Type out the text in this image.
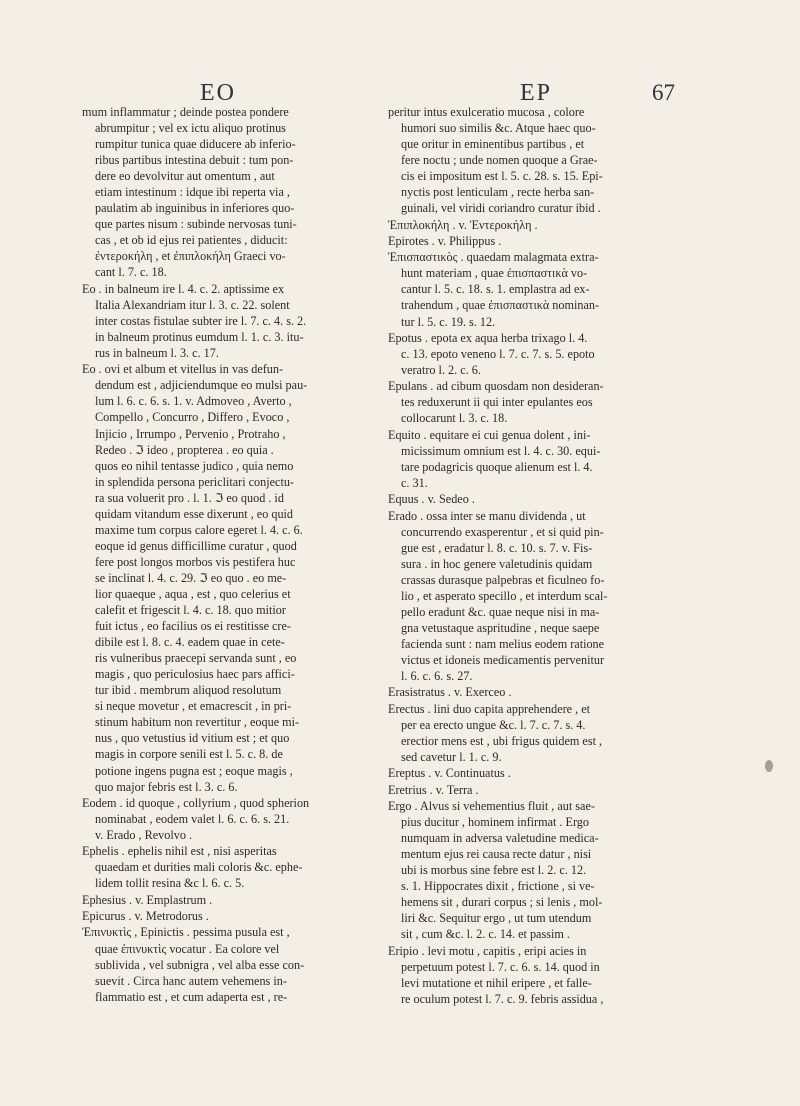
EO	EP	67
mum inflammatur ; deinde postea pondere
abrumpitur ; vel ex ictu aliquo protinus
rumpitur tunica quae diducere ab inferio-
ribus partibus intestina debuit : tum pon-
dere eo devolvitur aut omentum , aut
etiam intestinum : idque ibi reperta via ,
paulatim ab inguinibus in inferiores quo-
que partes nisum : subinde nervosas tuni-
cas , et ob id ejus rei patientes , diducit:
ἐντεροκήλη , et ἐπιπλοκήλη Graeci vo-
cant l. 7. c. 18.
Eo . in balneum ire l. 4. c. 2. aptissime ex
Italia Alexandriam itur l. 3. c. 22. solent
inter costas fistulae subter ire l. 7. c. 4. s. 2.
in balneum protinus eumdum l. 1. c. 3. itu-
rus in balneum l. 3. c. 17.
Eo . ovi et album et vitellus in vas defun-
dendum est , adjiciendumque eo mulsi pau-
lum l. 6. c. 6. s. 1. v. Admoveo , Averto ,
Compello , Concurro , Differo , Evoco ,
Injicio , Irrumpo , Pervenio , Protraho ,
Redeo . ℑ ideo , propterea . eo quia .
quos eo nihil tentasse judico , quia nemo
in splendida persona periclitari conjectu-
ra sua voluerit pro . l. 1. ℑ eo quod . id
quidam vitandum esse dixerunt , eo quid
maxime tum corpus calore egeret l. 4. c. 6.
eoque id genus difficillime curatur , quod
fere post longos morbos vis pestifera huc
se inclinat l. 4. c. 29. ℑ eo quo . eo me-
lior quaeque , aqua , est , quo celerius et
calefit et frigescit l. 4. c. 18. quo mitior
fuit ictus , eo facilius os ei restitisse cre-
dibile est l. 8. c. 4. eadem quae in cete-
ris vulneribus praecepi servanda sunt , eo
magis , quo periculosius haec pars affici-
tur ibid . membrum aliquod resolutum
si neque movetur , et emacrescit , in pri-
stinum habitum non revertitur , eoque mi-
nus , quo vetustius id vitium est ; et quo
magis in corpore senili est l. 5. c. 8. de
potione ingens pugna est ; eoque magis ,
quo major febris est l. 3. c. 6.
Eodem . id quoque , collyrium , quod spherion
nominabat , eodem valet l. 6. c. 6. s. 21.
v. Erado , Revolvo .
Ephelis . ephelis nihil est , nisi asperitas
quaedam et durities mali coloris &c. ephe-
lidem tollit resina &c l. 6. c. 5.
Ephesius . v. Emplastrum .
Epicurus . v. Metrodorus .
Ἐπινυκτὶς , Epinictis . pessima pusula est ,
quae ἐπινυκτὶς vocatur . Ea colore vel
sublivida , vel subnigra , vel alba esse con-
suevit . Circa hanc autem vehemens in-
flammatio est , et cum adaperta est , re-
peritur intus exulceratio mucosa , colore
humori suo similis &c. Atque haec quo-
que oritur in eminentibus partibus , et
fere noctu ; unde nomen quoque a Grae-
cis ei impositum est l. 5. c. 28. s. 15. Epi-
nyctis post lenticulam , recte herba san-
guinali, vel viridi coriandro curatur ibid .
Ἐπιπλοκήλη . v. Ἐντεροκήλη .
Epirotes . v. Philippus .
Ἐπισπαστικὸς . quaedam malagmata extra-
hunt materiam , quae ἐπισπαστικὰ vo-
cantur l. 5. c. 18. s. 1. emplastra ad ex-
trahendum , quae ἐπισπαστικὰ nominan-
tur l. 5. c. 19. s. 12.
Epotus . epota ex aqua herba trixago l. 4.
c. 13. epoto veneno l. 7. c. 7. s. 5. epoto
veratro l. 2. c. 6.
Epulans . ad cibum quosdam non desideran-
tes reduxerunt ii qui inter epulantes eos
collocarunt l. 3. c. 18.
Equito . equitare ei cui genua dolent , ini-
micissimum omnium est l. 4. c. 30. equi-
tare podagricis quoque alienum est l. 4.
c. 31.
Equus . v. Sedeo .
Erado . ossa inter se manu dividenda , ut
concurrendo exasperentur , et si quid pin-
gue est , eradatur l. 8. c. 10. s. 7. v. Fis-
sura . in hoc genere valetudinis quidam
crassas durasque palpebras et ficulneo fo-
lio , et asperato specillo , et interdum scal-
pello eradunt &c. quae neque nisi in ma-
gna vetustaque aspritudine , neque saepe
facienda sunt : nam melius eodem ratione
victus et idoneis medicamentis pervenitur
l. 6. c. 6. s. 27.
Erasistratus . v. Exerceo .
Erectus . lini duo capita apprehendere , et
per ea erecto ungue &c. l. 7. c. 7. s. 4.
erectior mens est , ubi frigus quidem est ,
sed cavetur l. 1. c. 9.
Ereptus . v. Continuatus .
Eretrius . v. Terra .
Ergo . Alvus si vehementius fluit , aut sae-
pius ducitur , hominem infirmat . Ergo
numquam in adversa valetudine medica-
mentum ejus rei causa recte datur , nisi
ubi is morbus sine febre est l. 2. c. 12.
s. 1. Hippocrates dixit , frictione , si ve-
hemens sit , durari corpus ; si lenis , mol-
liri &c. Sequitur ergo , ut tum utendum
sit , cum &c. l. 2. c. 14. et passim .
Eripio . levi motu , capitis , eripi acies in
perpetuum potest l. 7. c. 6. s. 14. quod in
levi mutatione et nihil eripere , et falle-
re oculum potest l. 7. c. 9. febris assidua ,
